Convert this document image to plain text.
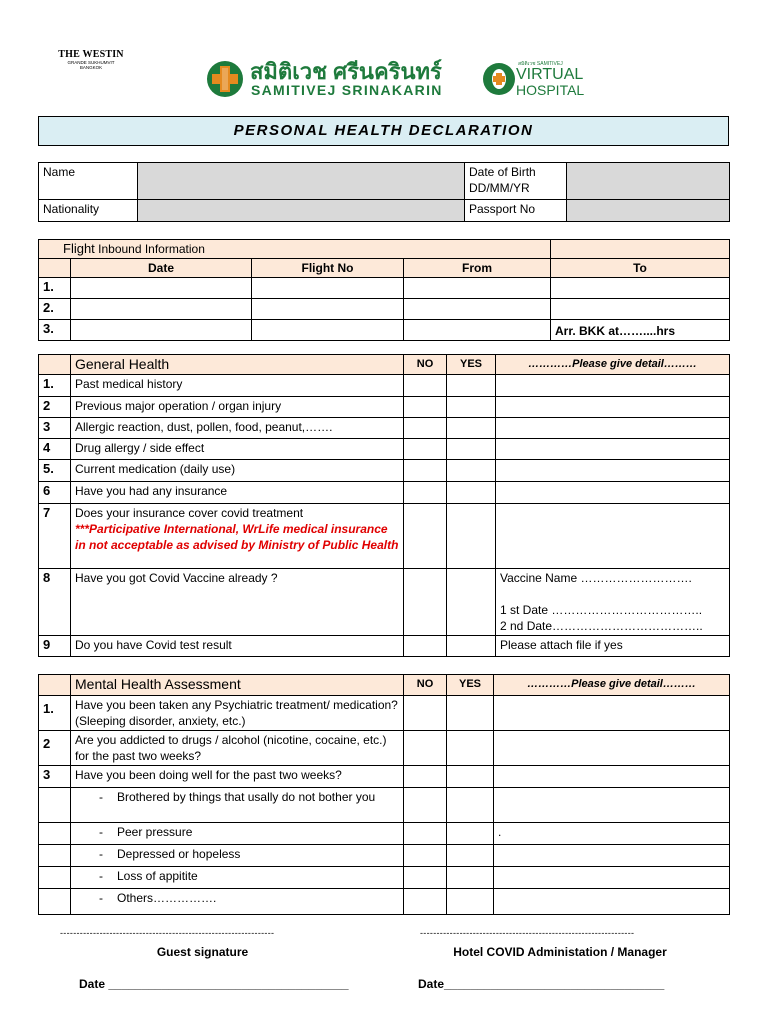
THE WESTIN
GRANDE SUKHUMVIT
BANGKOK	สมิติเวช ศรีนครินทร์
SAMITIVEJ SRINAKARIN
สมิติเวช SAMITIVEJ
VIRTUAL
HOSPITAL
PERSONAL HEALTH DECLARATION
Name		Date of Birth DD/MM/YR	
Nationality		Passport No	
Flight Inbound Information				
	Date	Flight No	From	To
1.				
2.				
3.				Arr. BKK at……....hrs
	General Health	NO	YES	…………Please give detail………
1.	Past medical history			
2	Previous major operation / organ injury			
3	Allergic reaction, dust, pollen, food, peanut,…….			
4	Drug allergy / side effect			
5.	Current medication (daily use)			
6	Have you had any insurance			
7	Does your insurance cover covid treatment
***Participative International, WrLife medical insurance in not acceptable as advised by Ministry of Public Health			

8	Have you got Covid Vaccine already ?			Vaccine Name ……………………….
1 st Date ………………………………..
2 nd Date………………………………..

9	Do you have Covid test result			Please attach file if yes
	Mental Health Assessment	NO	YES	…………Please give detail………
1.	Have you been taken any Psychiatric treatment/ medication? (Sleeping disorder, anxiety, etc.)			
2	Are you addicted to drugs / alcohol (nicotine, cocaine, etc.) for the past two weeks?			
3	Have you been doing well for the past two weeks?			

	- Brothered by things that usally do not bother you			

	- Peer pressure			.

	- Depressed or hopeless			

	- Loss of appitite			

	- Others…………….			

-----------------------------------------------------------------	-----------------------------------------------------------------
Guest signature	Hotel COVID Administation / Manager
Date ____________________________________	Date_________________________________
